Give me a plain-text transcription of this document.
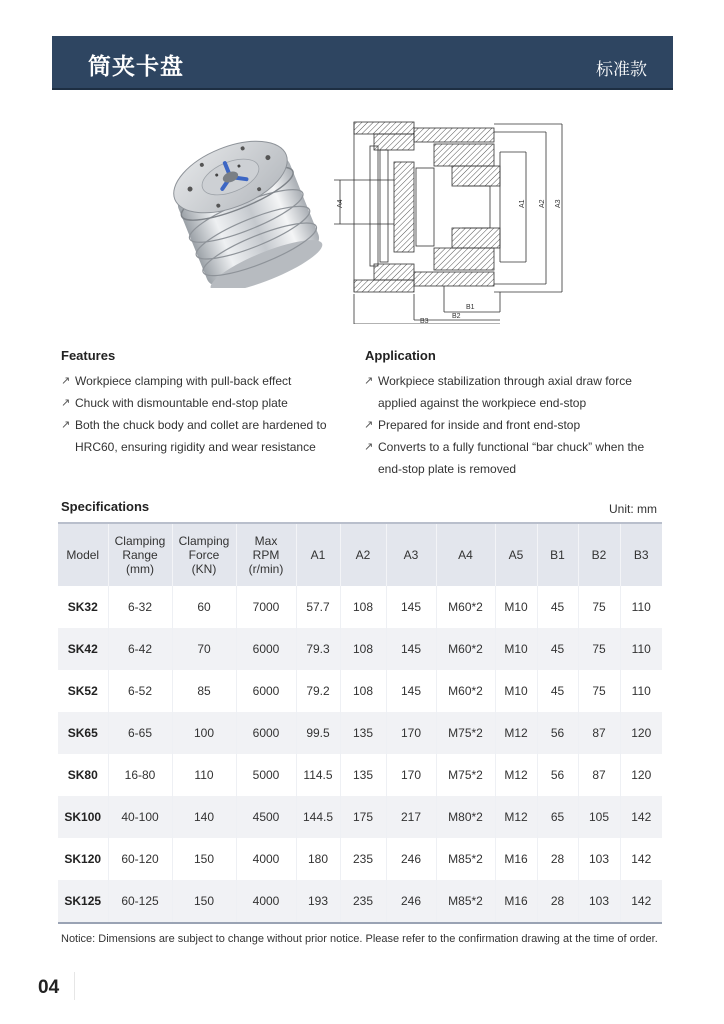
筒夹卡盘	标准款
A4	A1 A2 A3
B1
B2
B3
Features
↗ Workpiece clamping with pull-back effect
↗ Chuck with dismountable end-stop plate
↗ Both the chuck body and collet are hardened to
HRC60, ensuring rigidity and wear resistance
Application
↗ Workpiece stabilization through axial draw force
applied against the workpiece end-stop
↗ Prepared for inside and front end-stop
↗ Converts to a fully functional “bar chuck” when the
end-stop plate is removed
Specifications	Unit: mm
Model	Clamping
Range
(mm)	Clamping
Force
(KN)	Max
RPM
(r/min)	A1	A2	A3	A4	A5	B1	B2	B3
SK32	6-32	60	7000	57.7	108	145	M60*2	M10	45	75	110
SK42	6-42	70	6000	79.3	108	145	M60*2	M10	45	75	110
SK52	6-52	85	6000	79.2	108	145	M60*2	M10	45	75	110
SK65	6-65	100	6000	99.5	135	170	M75*2	M12	56	87	120
SK80	16-80	110	5000	114.5	135	170	M75*2	M12	56	87	120
SK100	40-100	140	4500	144.5	175	217	M80*2	M12	65	105	142
SK120	60-120	150	4000	180	235	246	M85*2	M16	28	103	142
SK125	60-125	150	4000	193	235	246	M85*2	M16	28	103	142
Notice: Dimensions are subject to change without prior notice. Please refer to the confirmation drawing at the time of order.
04
